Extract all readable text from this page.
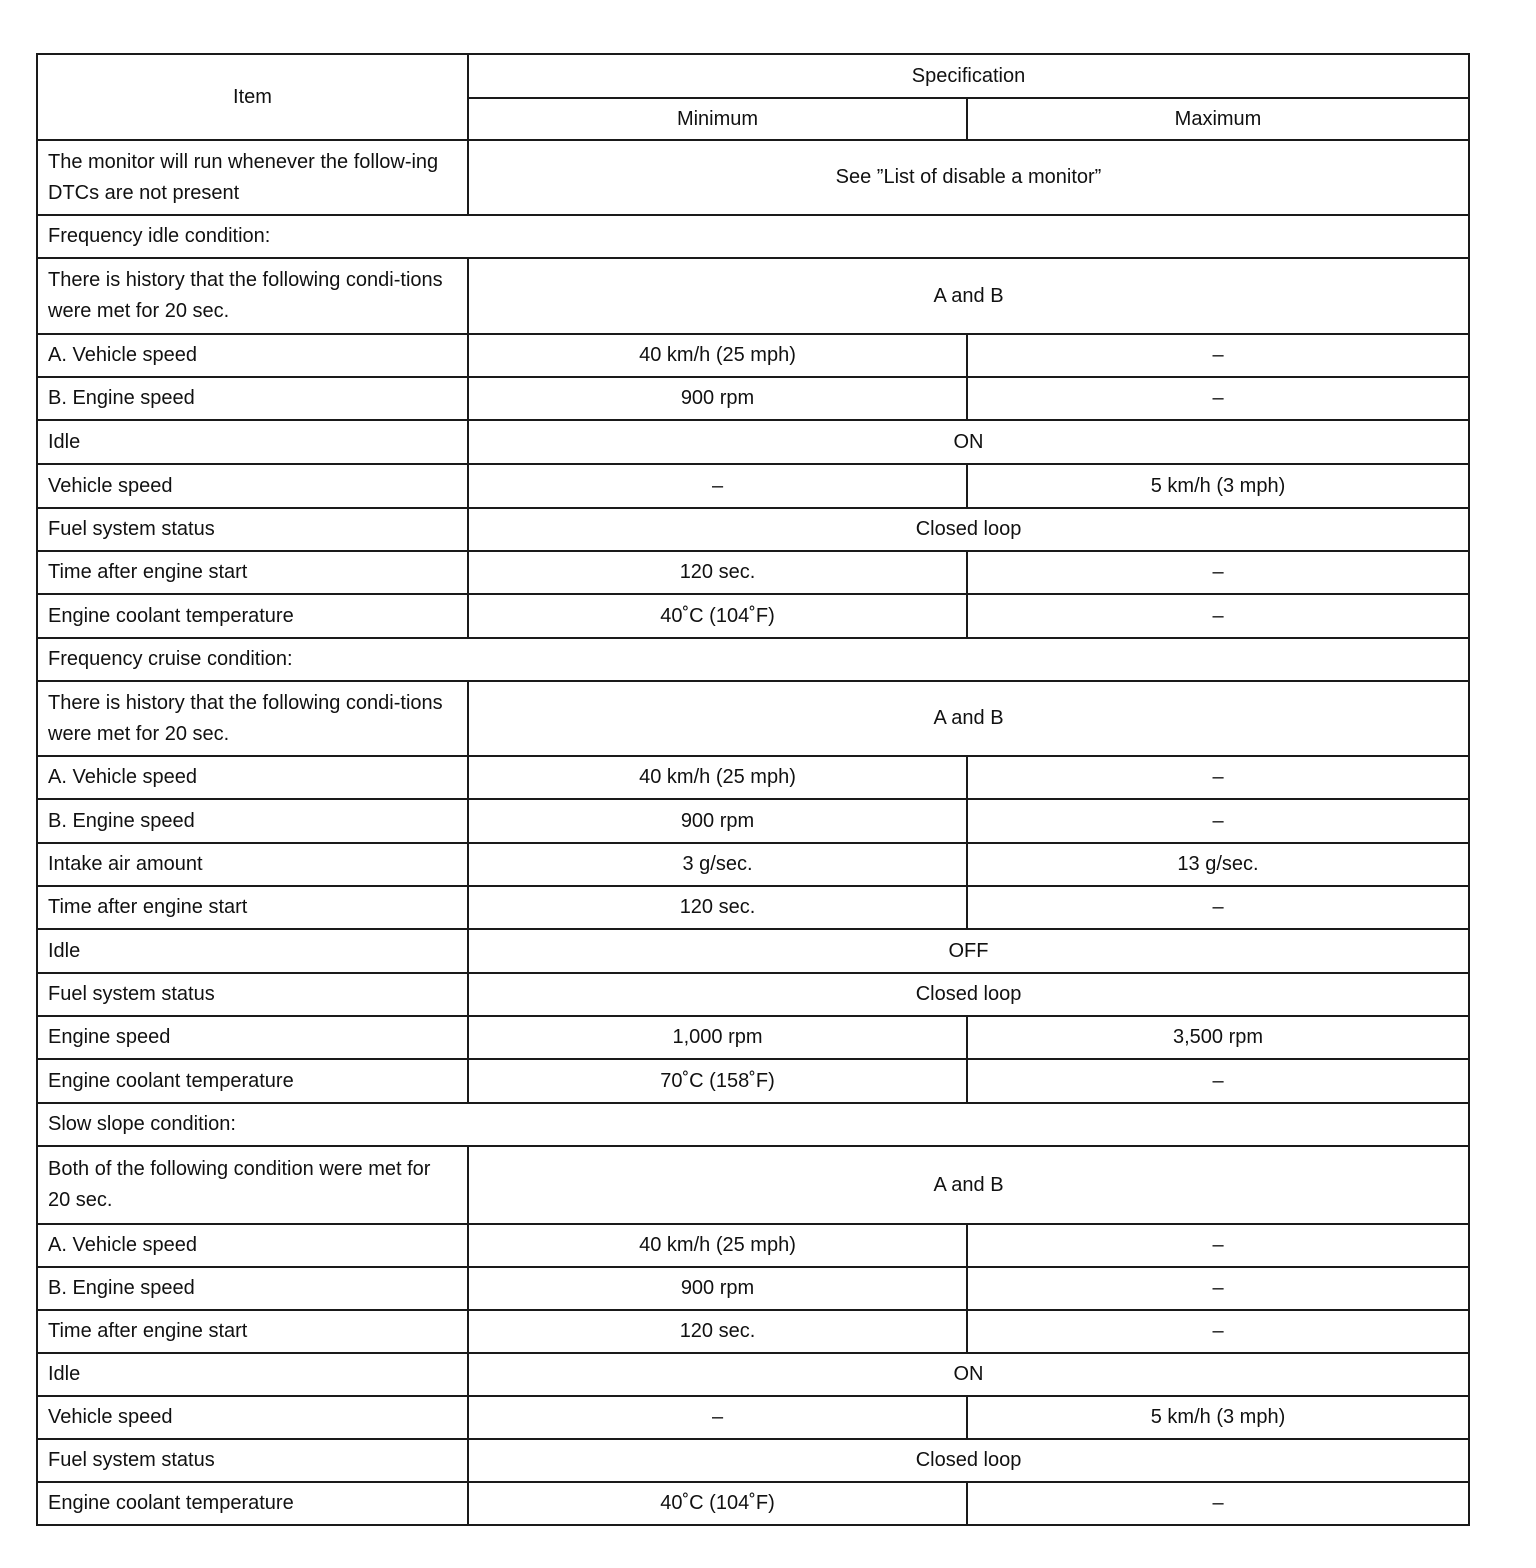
Item	Specification	
	Minimum	Maximum
The monitor will run whenever the follow-ing DTCs are not present	See ”List of disable a monitor”	
Frequency idle condition:		
There is history that the following condi-tions were met for 20 sec.	A and B	
A. Vehicle speed	40 km/h (25 mph)	–
B. Engine speed	900 rpm	–
Idle	ON	
Vehicle speed	–	5 km/h (3 mph)
Fuel system status	Closed loop	
Time after engine start	120 sec.	–
Engine coolant temperature	40˚C (104˚F)	–
Frequency cruise condition:		
There is history that the following condi-tions were met for 20 sec.	A and B	
A. Vehicle speed	40 km/h (25 mph)	–
B. Engine speed	900 rpm	–
Intake air amount	3 g/sec.	13 g/sec.
Time after engine start	120 sec.	–
Idle	OFF	
Fuel system status	Closed loop	
Engine speed	1,000 rpm	3,500 rpm
Engine coolant temperature	70˚C (158˚F)	–
Slow slope condition:		
Both of the following condition were met for 20 sec.	A and B	
A. Vehicle speed	40 km/h (25 mph)	–
B. Engine speed	900 rpm	–
Time after engine start	120 sec.	–
Idle	ON	
Vehicle speed	–	5 km/h (3 mph)
Fuel system status	Closed loop	
Engine coolant temperature	40˚C (104˚F)	–
